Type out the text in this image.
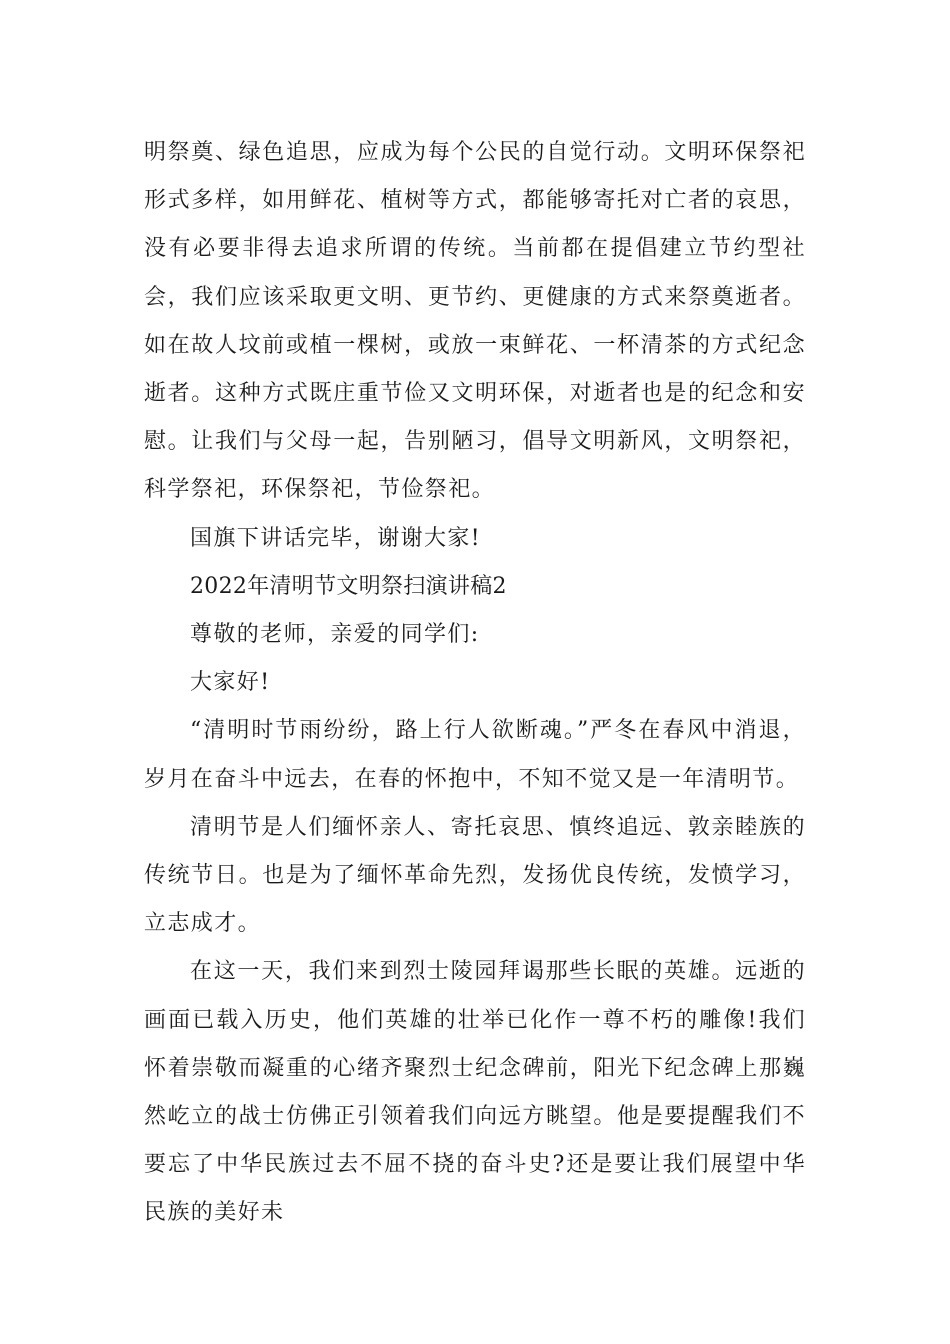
明祭奠、绿色追思，应成为每个公民的自觉行动。文明环保祭祀形式多样，如用鲜花、植树等方式，都能够寄托对亡者的哀思，没有必要非得去追求所谓的传统。当前都在提倡建立节约型社会，我们应该采取更文明、更节约、更健康的方式来祭奠逝者。如在故人坟前或植一棵树，或放一束鲜花、一杯清茶的方式纪念逝者。这种方式既庄重节俭又文明环保，对逝者也是的纪念和安慰。让我们与父母一起，告别陋习，倡导文明新风，文明祭祀，科学祭祀，环保祭祀，节俭祭祀。

国旗下讲话完毕，谢谢大家!

2022年清明节文明祭扫演讲稿2

尊敬的老师，亲爱的同学们:

大家好!

“清明时节雨纷纷，路上行人欲断魂。”严冬在春风中消退，岁月在奋斗中远去，在春的怀抱中，不知不觉又是一年清明节。

清明节是人们缅怀亲人、寄托哀思、慎终追远、敦亲睦族的传统节日。也是为了缅怀革命先烈，发扬优良传统，发愤学习，立志成才。

在这一天，我们来到烈士陵园拜谒那些长眠的英雄。远逝的画面已载入历史，他们英雄的壮举已化作一尊不朽的雕像!我们怀着崇敬而凝重的心绪齐聚烈士纪念碑前，阳光下纪念碑上那巍然屹立的战士仿佛正引领着我们向远方眺望。他是要提醒我们不要忘了中华民族过去不屈不挠的奋斗史?还是要让我们展望中华民族的美好未
